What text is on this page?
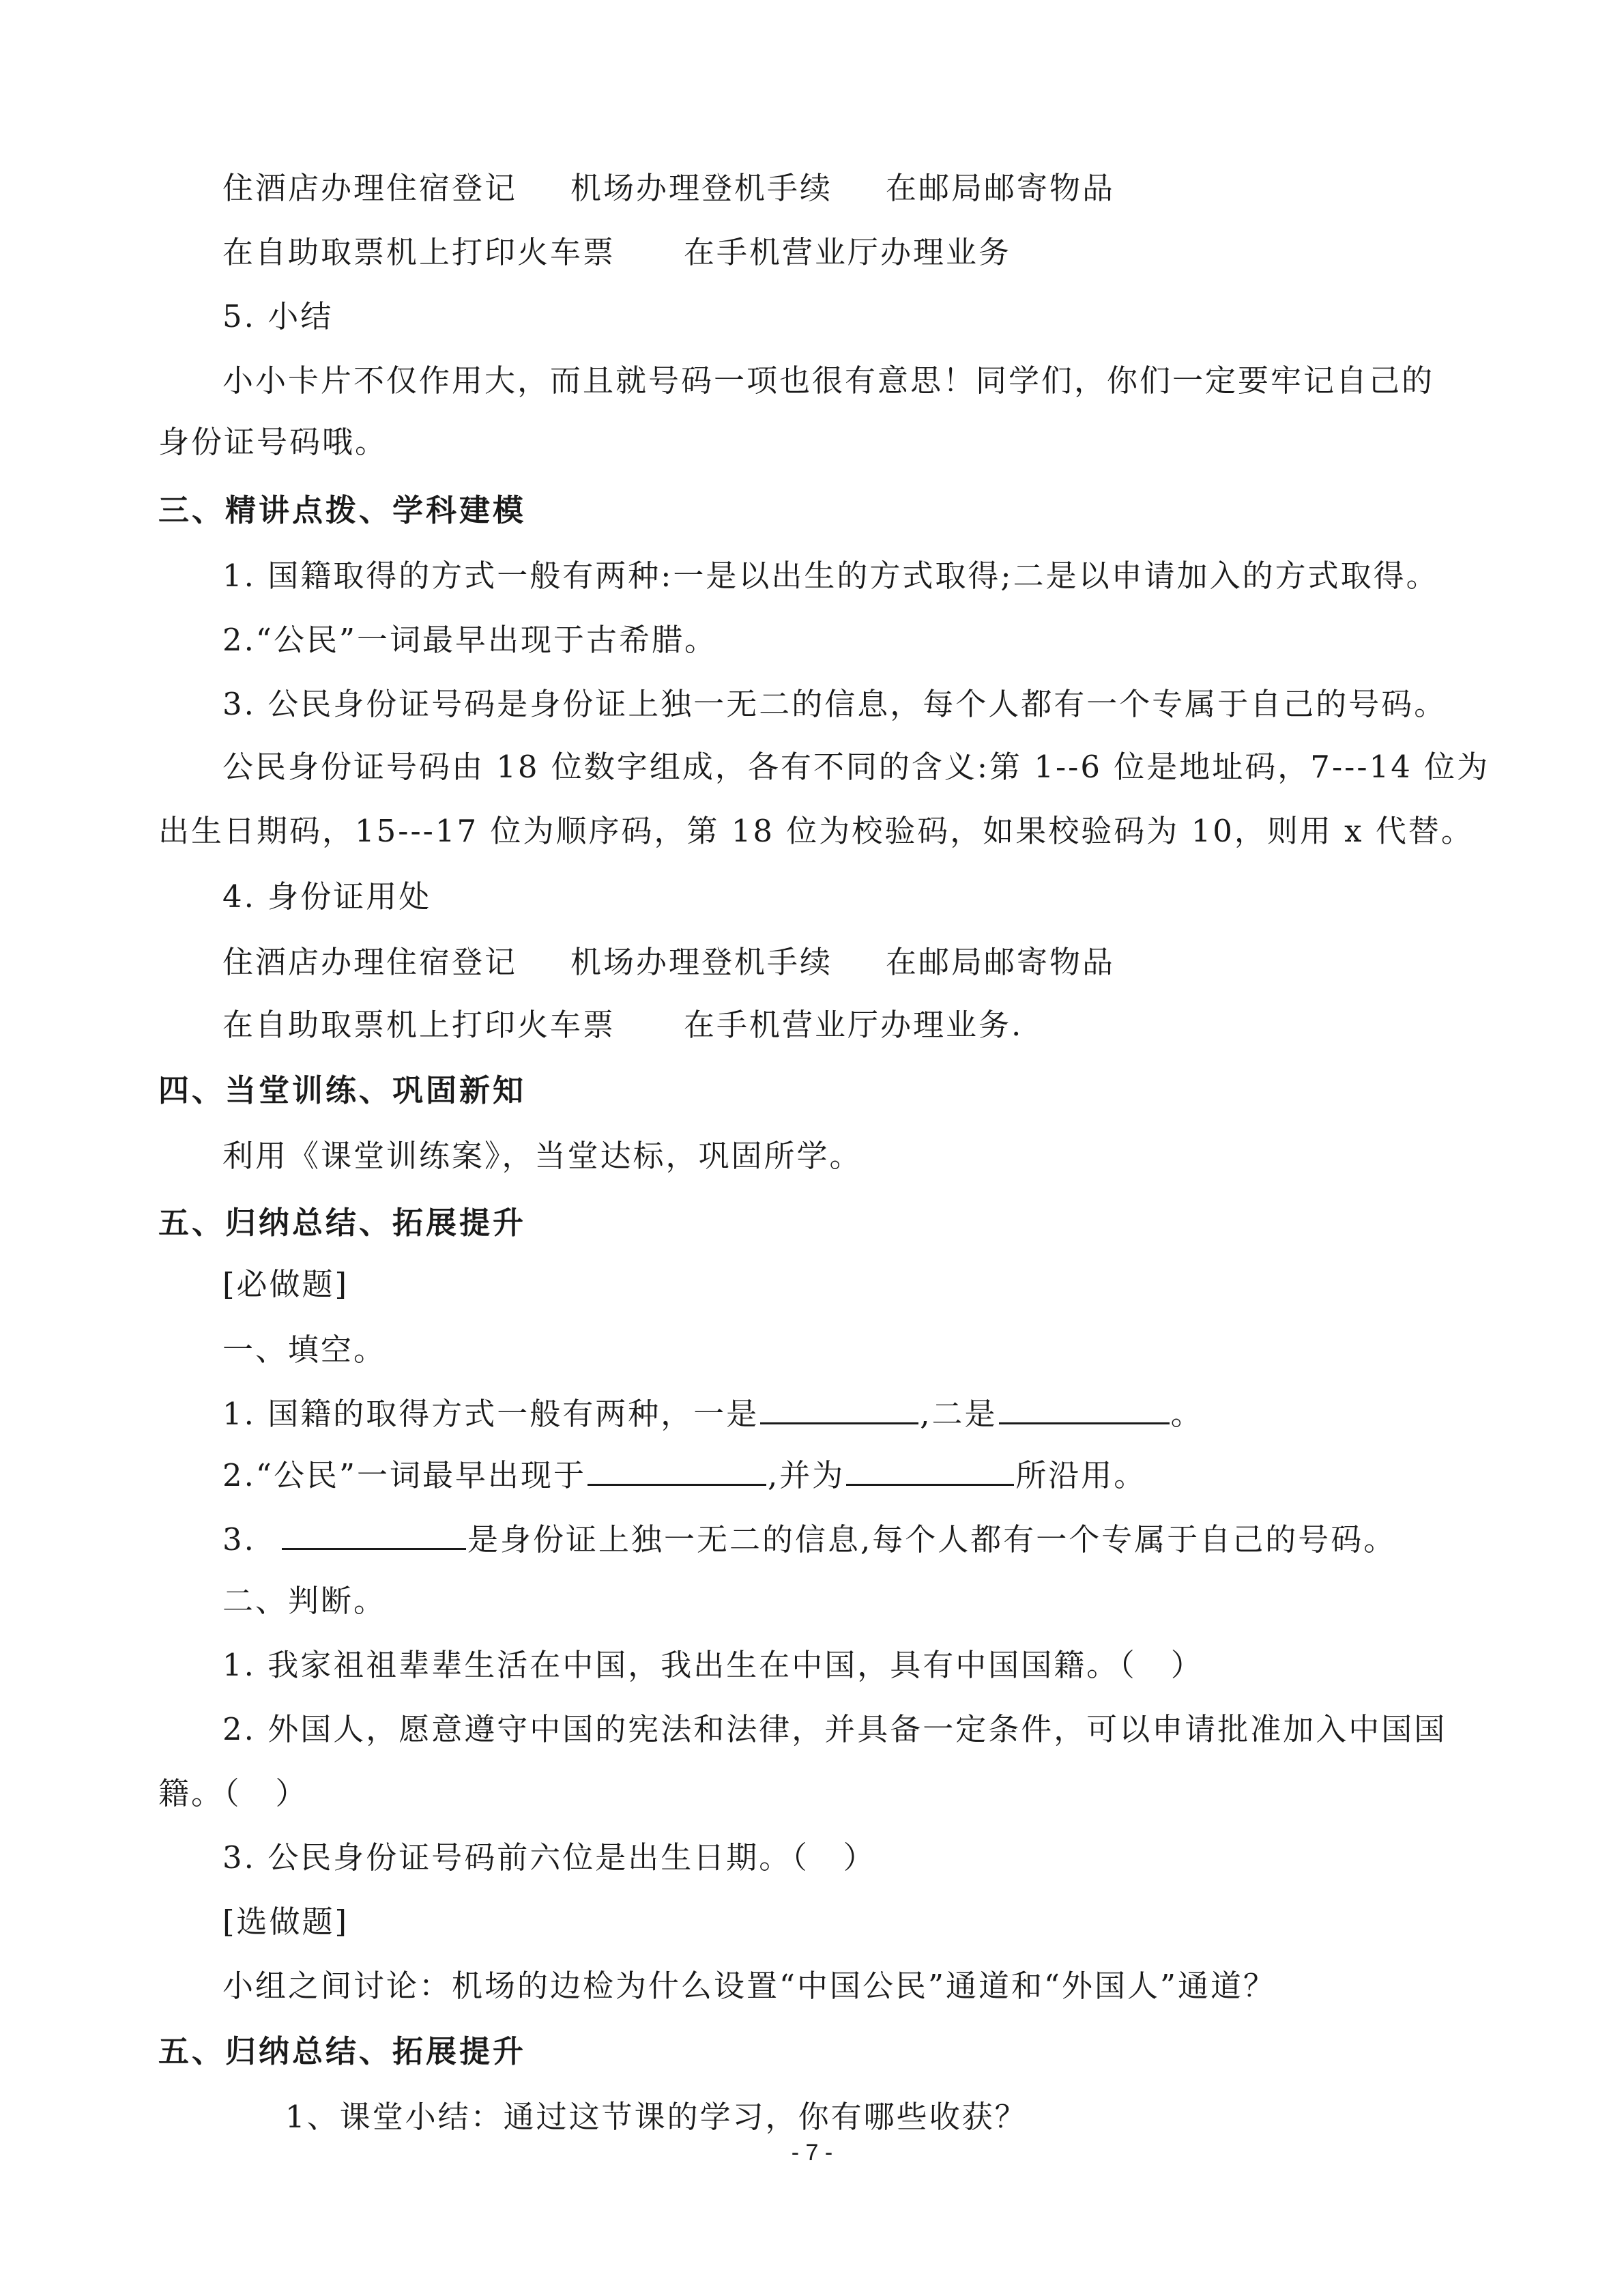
住酒店办理住宿登记 机场办理登机手续 在邮局邮寄物品
在自助取票机上打印火车票 在手机营业厅办理业务
5. 小结
小小卡片不仅作用大，而且就号码一项也很有意思！同学们，你们一定要牢记自己的
身份证号码哦。
三、精讲点拨、学科建模
1. 国籍取得的方式一般有两种:一是以出生的方式取得;二是以申请加入的方式取得。
2.“公民”一词最早出现于古希腊。
3. 公民身份证号码是身份证上独一无二的信息，每个人都有一个专属于自己的号码。
公民身份证号码由 18 位数字组成，各有不同的含义:第 1--6 位是地址码，7---14 位为
出生日期码，15---17 位为顺序码，第 18 位为校验码，如果校验码为 10，则用 x 代替。
4. 身份证用处
住酒店办理住宿登记 机场办理登机手续 在邮局邮寄物品
在自助取票机上打印火车票 在手机营业厅办理业务.
四、当堂训练、巩固新知
利用《课堂训练案》，当堂达标，巩固所学。
五、归纳总结、拓展提升
[必做题]
一、填空。
1. 国籍的取得方式一般有两种，一是	,二是	。
2.“公民”一词最早出现于	,并为	所沿用。
3.	是身份证上独一无二的信息,每个人都有一个专属于自己的号码。
二、判断。
1. 我家祖祖辈辈生活在中国，我出生在中国，具有中国国籍。（ ）
2. 外国人，愿意遵守中国的宪法和法律，并具备一定条件，可以申请批准加入中国国
籍。（ ）
3. 公民身份证号码前六位是出生日期。（ ）
[选做题]
小组之间讨论：机场的边检为什么设置“中国公民”通道和“外国人”通道？
五、归纳总结、拓展提升
1、课堂小结：通过这节课的学习，你有哪些收获？
- 7 -
